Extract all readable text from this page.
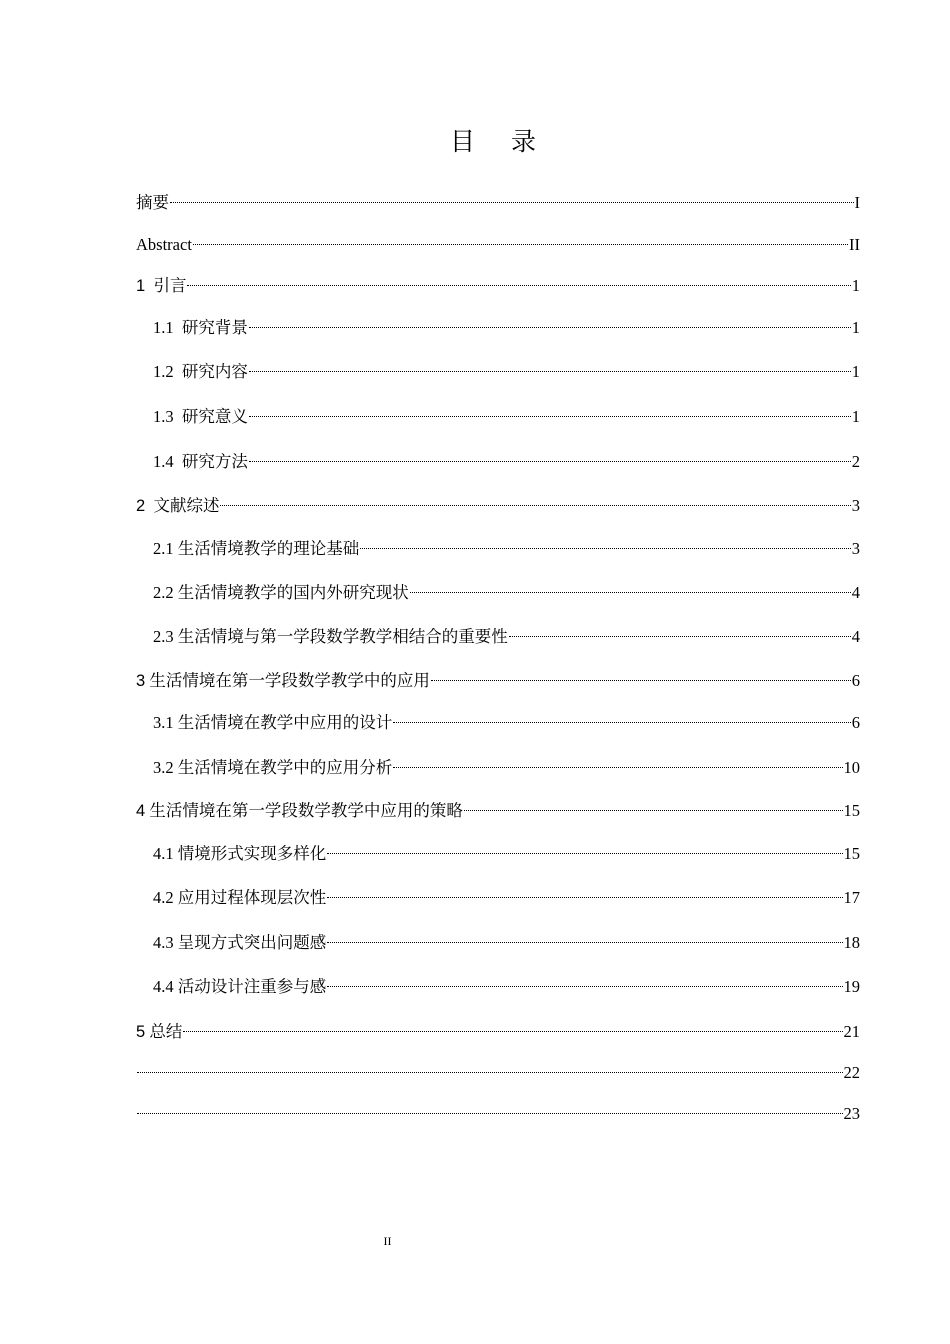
目 录
摘要	I
Abstract	II
1 引言	1
1.1 研究背景	1
1.2 研究内容	1
1.3 研究意义	1
1.4 研究方法	2
2 文献综述	3
2.1 生活情境教学的理论基础	3
2.2 生活情境教学的国内外研究现状	4
2.3 生活情境与第一学段数学教学相结合的重要性	4
3 生活情境在第一学段数学教学中的应用	6
3.1 生活情境在教学中应用的设计	6
3.2 生活情境在教学中的应用分析	10
4 生活情境在第一学段数学教学中应用的策略	15
4.1 情境形式实现多样化	15
4.2 应用过程体现层次性	17
4.3 呈现方式突出问题感	18
4.4 活动设计注重参与感	19
5 总结	21
22
23
II
